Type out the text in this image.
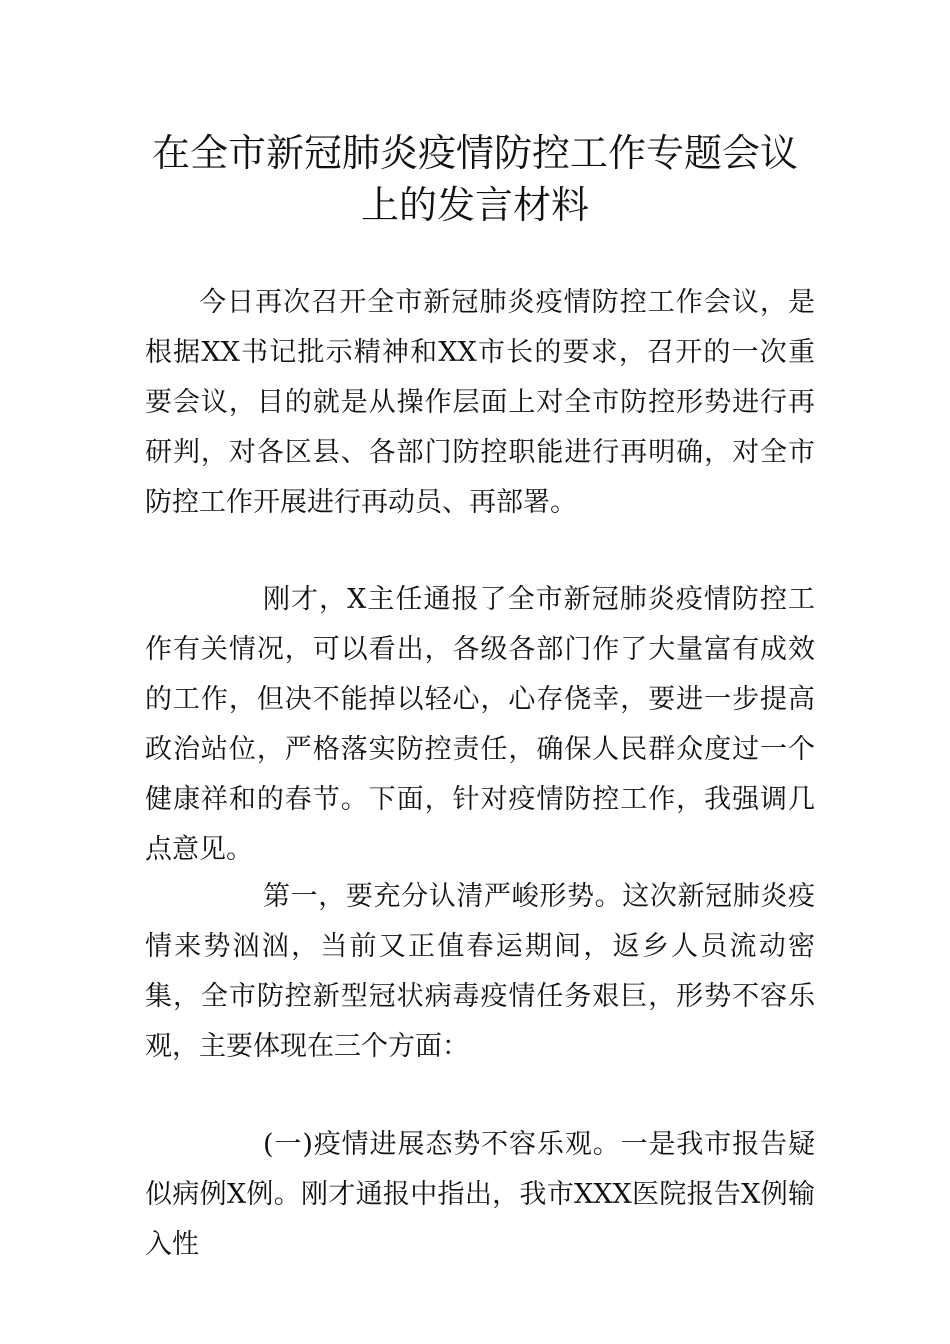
在全市新冠肺炎疫情防控工作专题会议
上的发言材料

今日再次召开全市新冠肺炎疫情防控工作会议，是根据XX书记批示精神和XX市长的要求，召开的一次重要会议，目的就是从操作层面上对全市防控形势进行再研判，对各区县、各部门防控职能进行再明确，对全市防控工作开展进行再动员、再部署。

刚才，X主任通报了全市新冠肺炎疫情防控工作有关情况，可以看出，各级各部门作了大量富有成效的工作，但决不能掉以轻心，心存侥幸，要进一步提高政治站位，严格落实防控责任，确保人民群众度过一个健康祥和的春节。下面，针对疫情防控工作，我强调几点意见。

第一，要充分认清严峻形势。这次新冠肺炎疫情来势汹汹，当前又正值春运期间，返乡人员流动密集，全市防控新型冠状病毒疫情任务艰巨，形势不容乐观，主要体现在三个方面：

(一)疫情进展态势不容乐观。一是我市报告疑似病例X例。刚才通报中指出，我市XXX医院报告X例输入性
